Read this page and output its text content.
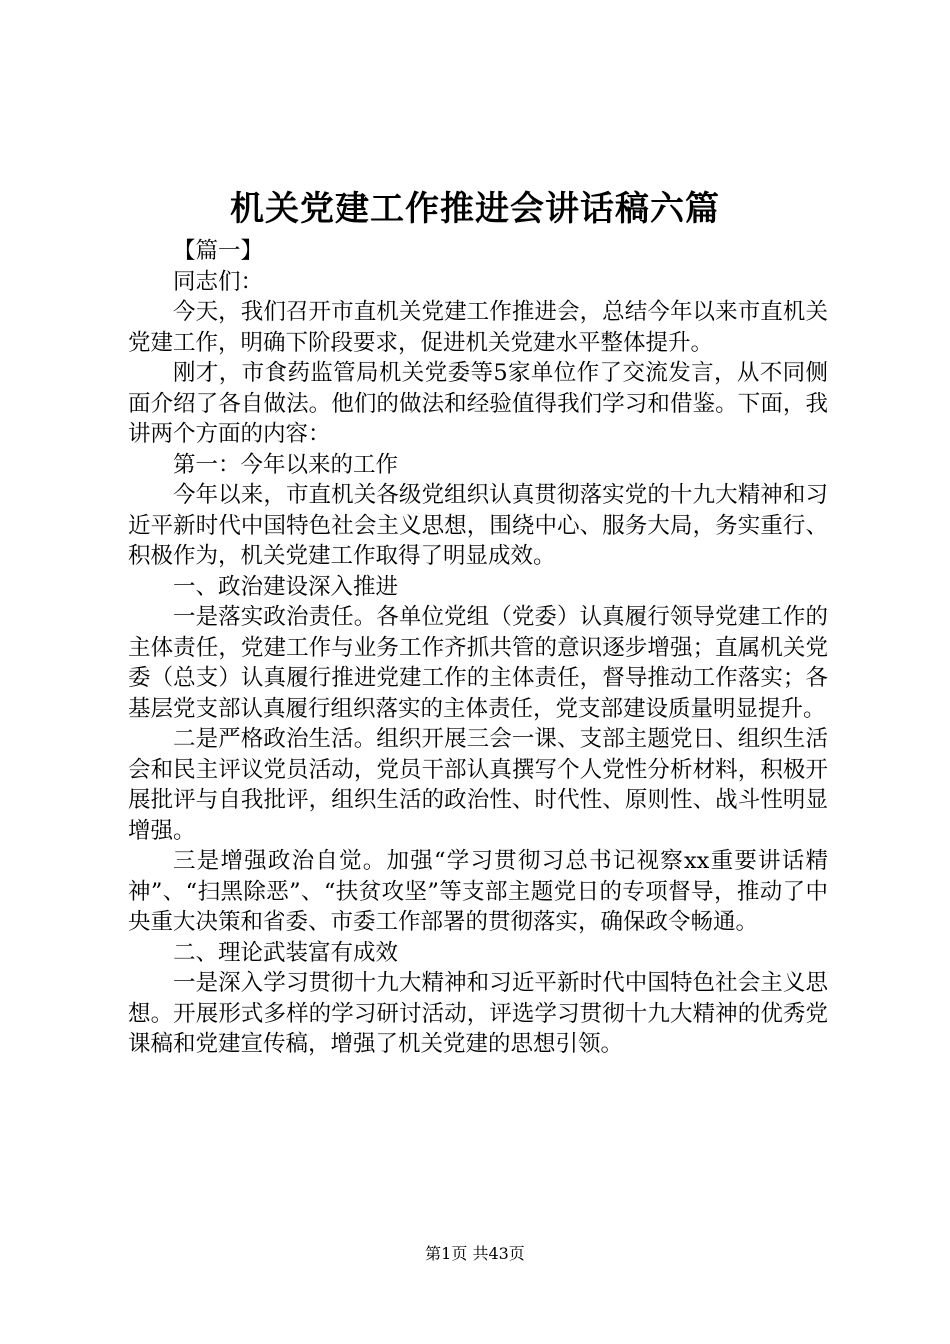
机关党建工作推进会讲话稿六篇

【篇一】

同志们：

今天，我们召开市直机关党建工作推进会，总结今年以来市直机关党建工作，明确下阶段要求，促进机关党建水平整体提升。

刚才，市食药监管局机关党委等5家单位作了交流发言，从不同侧面介绍了各自做法。他们的做法和经验值得我们学习和借鉴。下面，我讲两个方面的内容：

第一：今年以来的工作

今年以来，市直机关各级党组织认真贯彻落实党的十九大精神和习近平新时代中国特色社会主义思想，围绕中心、服务大局，务实重行、积极作为，机关党建工作取得了明显成效。

一、政治建设深入推进

一是落实政治责任。各单位党组（党委）认真履行领导党建工作的主体责任，党建工作与业务工作齐抓共管的意识逐步增强；直属机关党委（总支）认真履行推进党建工作的主体责任，督导推动工作落实；各基层党支部认真履行组织落实的主体责任，党支部建设质量明显提升。

二是严格政治生活。组织开展三会一课、支部主题党日、组织生活会和民主评议党员活动，党员干部认真撰写个人党性分析材料，积极开展批评与自我批评，组织生活的政治性、时代性、原则性、战斗性明显增强。

三是增强政治自觉。加强“学习贯彻习总书记视察xx重要讲话精神”、“扫黑除恶”、“扶贫攻坚”等支部主题党日的专项督导，推动了中央重大决策和省委、市委工作部署的贯彻落实，确保政令畅通。

二、理论武装富有成效

一是深入学习贯彻十九大精神和习近平新时代中国特色社会主义思想。开展形式多样的学习研讨活动，评选学习贯彻十九大精神的优秀党课稿和党建宣传稿，增强了机关党建的思想引领。

第1页 共43页
